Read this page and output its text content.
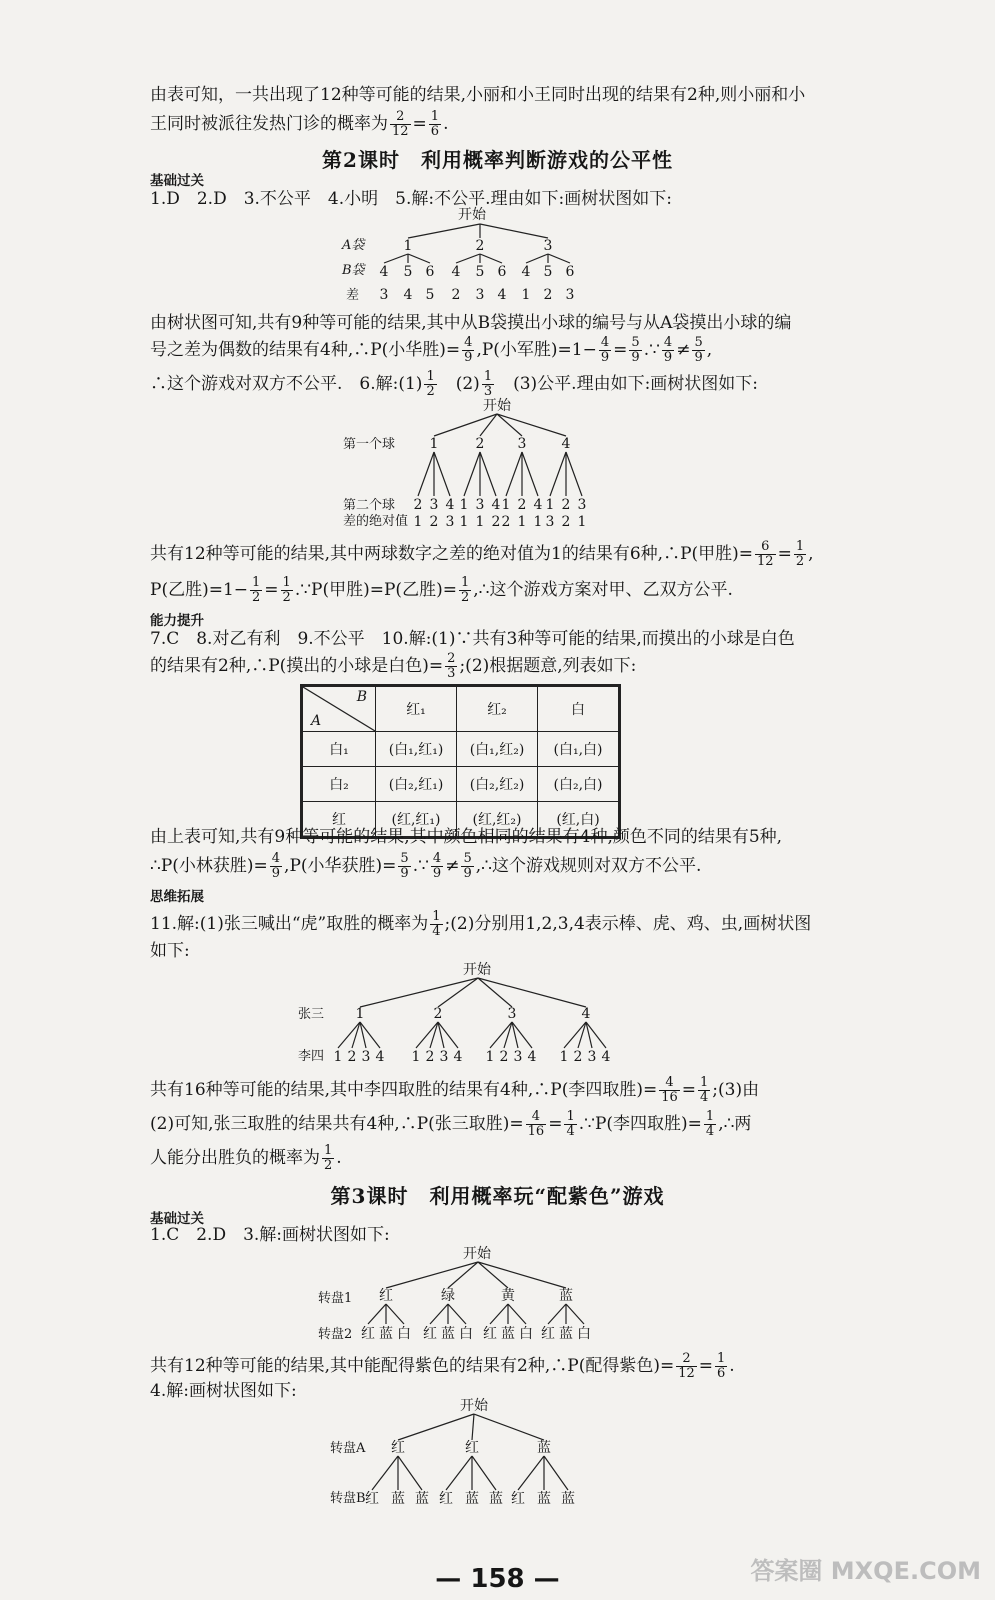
由表可知，一共出现了12种等可能的结果,小丽和小王同时出现的结果有2种,则小丽和小
王同时被派往发热门诊的概率为 $\frac{2}{12} = \frac{1}{6}$ .
第2课时　利用概率判断游戏的公平性
基础过关
1.D　2.D　3.不公平　4.小明　5.解:不公平.理由如下:画树状图如下:
开始
A袋
B袋
差
1	2	3
4 5 6 4 5 6 4 5 6
3 4 5 2 3 4 1 2 3
开始
第一个球
第二个球
差的绝对值
1	2 3	4
2
1
3
2
4
3
1
1
3
1
4
2
1
2
2
1
4
1
1
3
2
2
3
1
开始
张三
李四
1	2	3	4
1 2 3 4 1 2 3 4 1 2 3 4 1 2 3 4
开始
转盘1
转盘2
红	绿	黄	蓝
红 蓝 白 红 蓝 白 红 蓝 白 红 蓝 白
开始
转盘A
转盘B
红	红	蓝
红 蓝 蓝 红 蓝 蓝 红 蓝 蓝
由树状图可知,共有9种等可能的结果,其中从B袋摸出小球的编号与从A袋摸出小球的编
号之差为偶数的结果有4种,∴P(小华胜)= $\frac{4}{9} ,P$(小军胜)$=1- \frac{4}{9} = \frac{5}{9}$ .∵ $\frac{4}{9} \ne \frac{5}{9}$ ,
∴这个游戏对双方不公平.　6.解:(1) $\frac{1}{2}$ 　$(2) \frac{1}{3}$ 　(3)公平.理由如下:画树状图如下:
共有12种等可能的结果,其中两球数字之差的绝对值为1的结果有6种,∴P(甲胜)= $\frac{6}{12} = \frac{1}{2}$ ,
P(乙胜)$=1- \frac{1}{2} = \frac{1}{2}$ .∵P(甲胜)=P(乙胜)= $\frac{1}{2}$ ,∴这个游戏方案对甲、乙双方公平.
能力提升
7.C　8.对乙有利　9.不公平　10.解:(1)∵共有3种等可能的结果,而摸出的小球是白色
的结果有2种,∴P(摸出的小球是白色)= $\frac{2}{3}$ ;(2)根据题意,列表如下:
B
A	红₁	红₂	白
白₁	(白₁,红₁)	(白₁,红₂)	(白₁,白)
白₂	(白₂,红₁)	(白₂,红₂)	(白₂,白)
红	(红,红₁)	(红,红₂)	(红,白)
由上表可知,共有9种等可能的结果,其中颜色相同的结果有4种,颜色不同的结果有5种,
∴P(小林获胜)= $\frac{4}{9} ,P$(小华获胜)= $\frac{5}{9}$ .∵ $\frac{4}{9} \ne \frac{5}{9}$ ,∴这个游戏规则对双方不公平.
思维拓展
11.解:(1)张三喊出“虎”取胜的概率为 $\frac{1}{4}$ ;(2)分别用1,2,3,4表示棒、虎、鸡、虫,画树状图
如下:
共有16种等可能的结果,其中李四取胜的结果有4种,∴P(李四取胜)= $\frac{4}{16} = \frac{1}{4}$ ;(3)由
(2)可知,张三取胜的结果共有4种,∴P(张三取胜)= $\frac{4}{16} = \frac{1}{4}$ .∵P(李四取胜)= $\frac{1}{4}$ ,∴两
人能分出胜负的概率为 $\frac{1}{2}$ .
第3课时　利用概率玩“配紫色”游戏
基础过关
1.C　2.D　3.解:画树状图如下:
共有12种等可能的结果,其中能配得紫色的结果有2种,∴P(配得紫色)= $\frac{2}{12} = \frac{1}{6}$ .
4.解:画树状图如下:
— 158 —	答案圈 MXQE.COM
